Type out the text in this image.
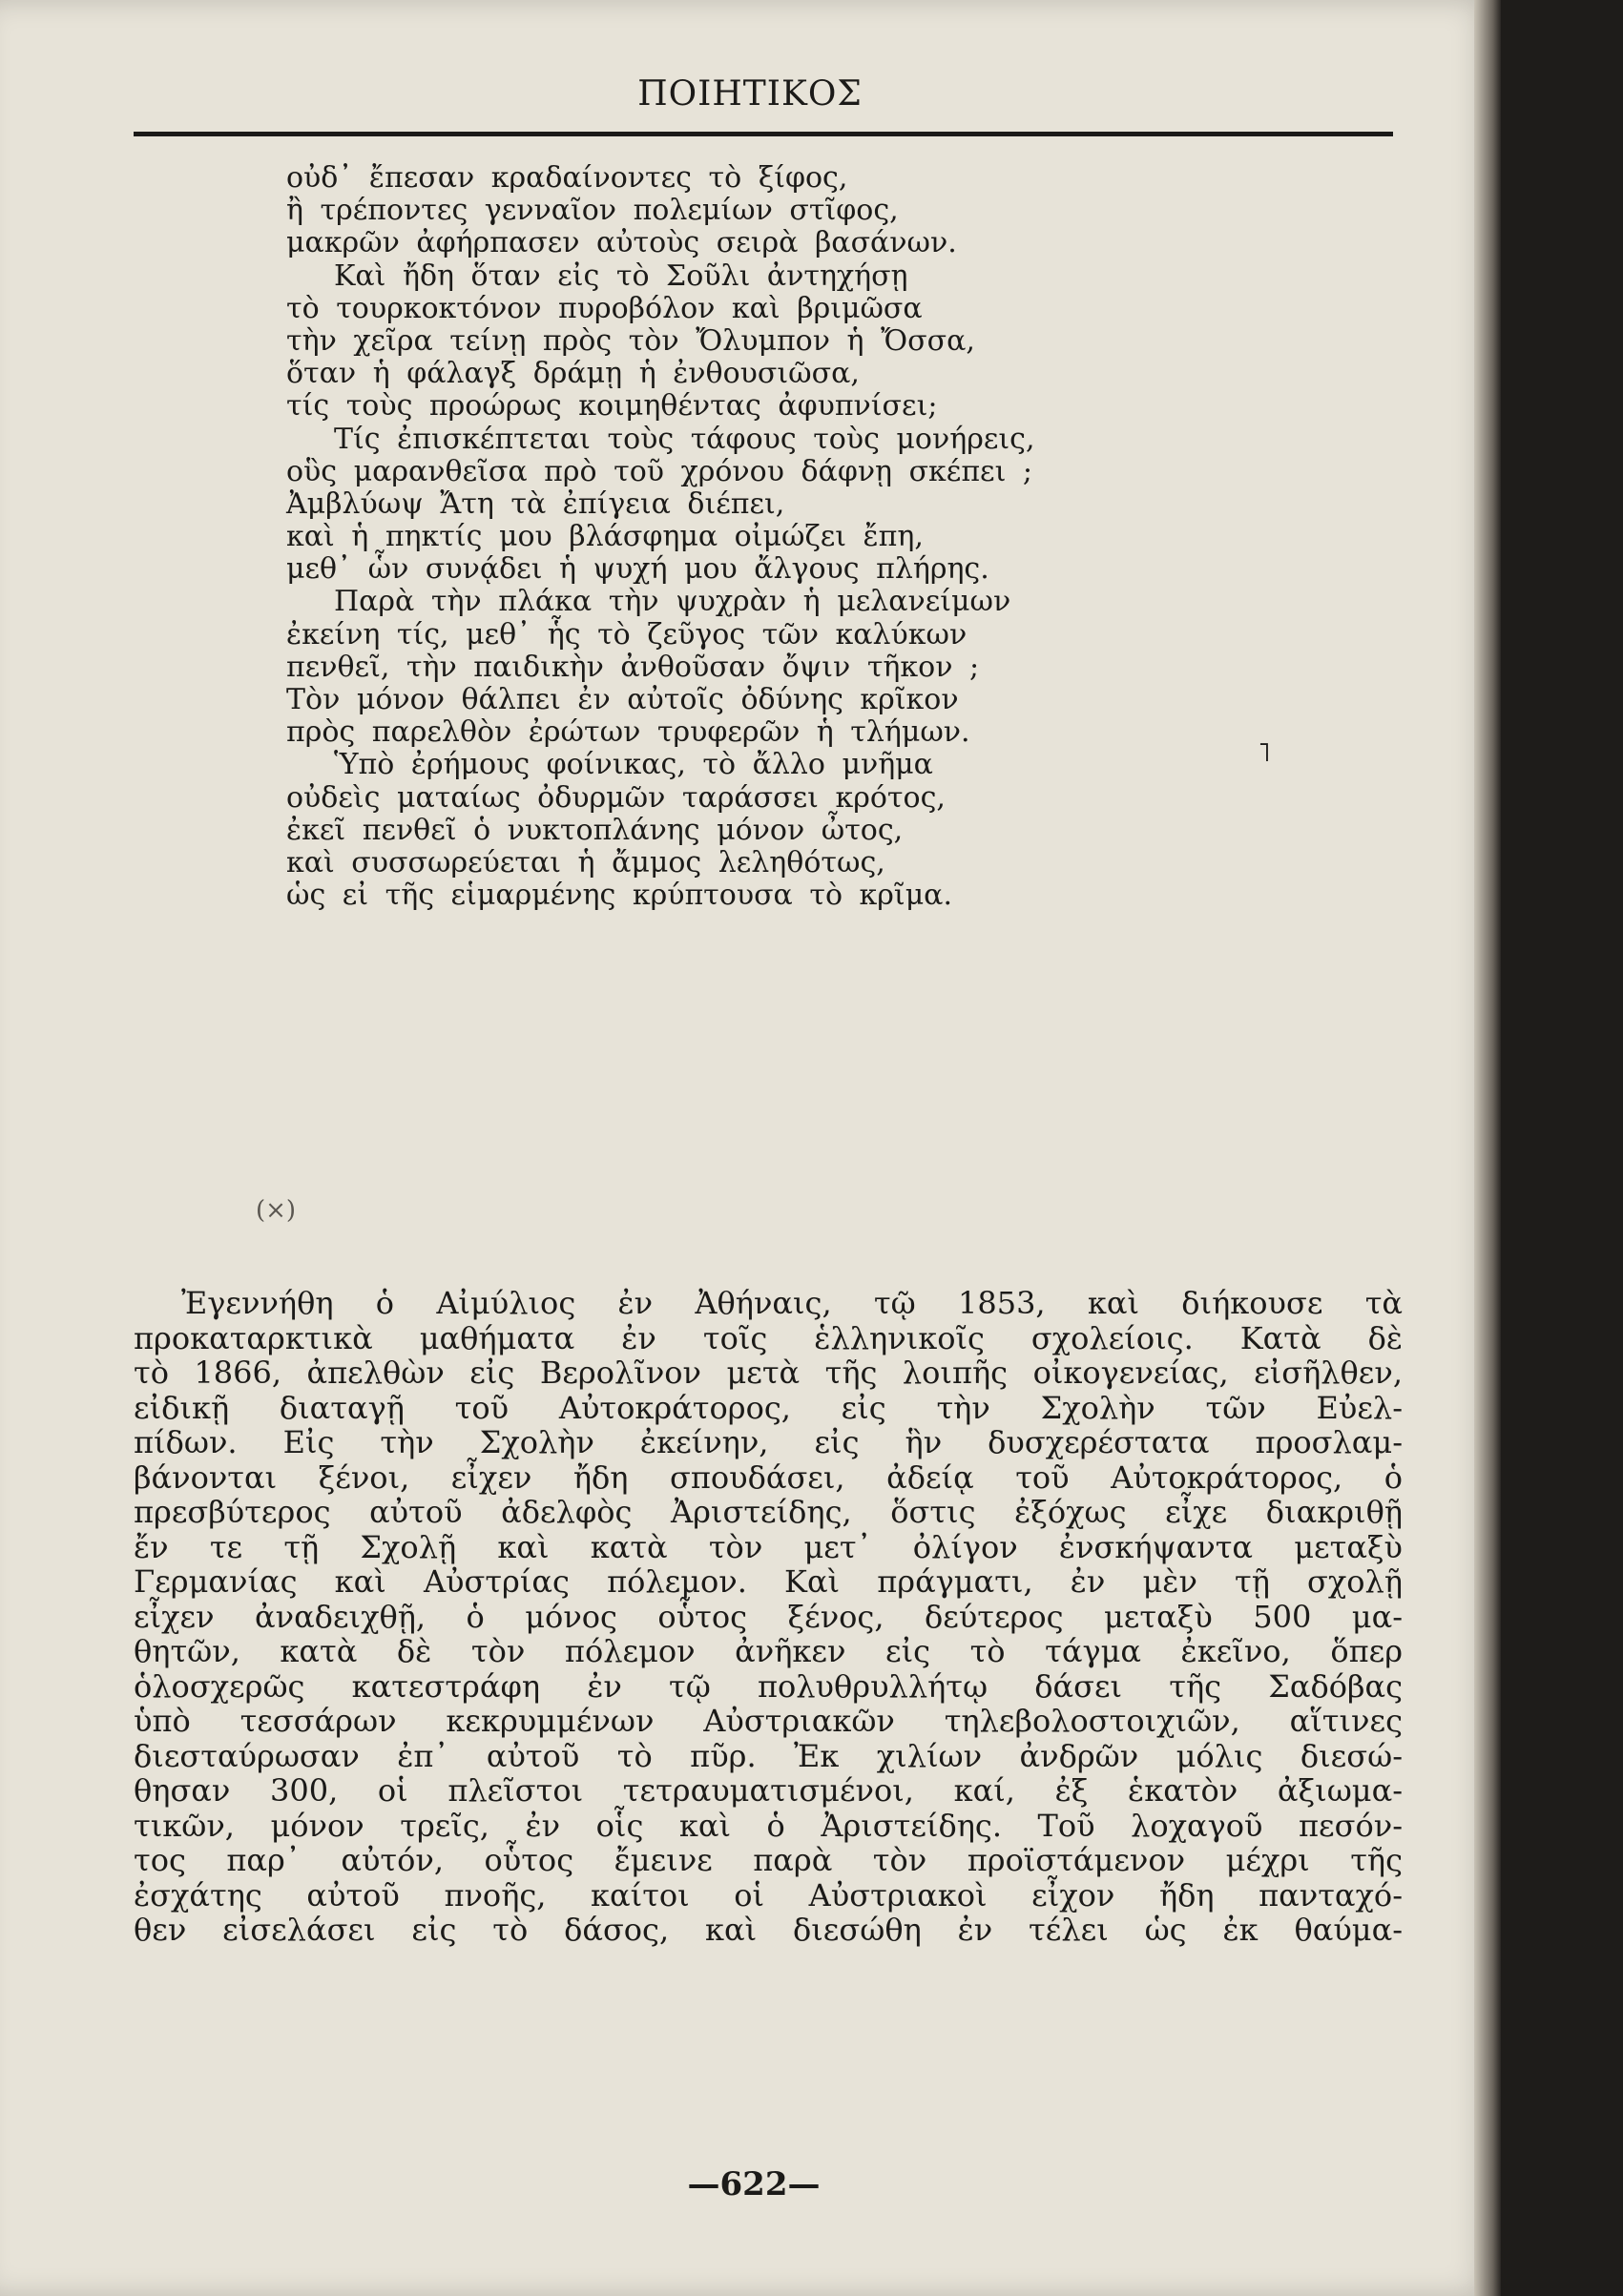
ΠΟΙΗΤΙΚΟΣ
οὐδ᾿ ἔπεσαν κραδαίνοντες τὸ ξίφος,
ἢ τρέποντες γενναῖον πολεμίων στῖφος,
μακρῶν ἀφήρπασεν αὐτοὺς σειρὰ βασάνων.
Καὶ ἤδη ὅταν εἰς τὸ Σοῦλι ἀντηχήσῃ
τὸ τουρκοκτόνον πυροβόλον καὶ βριμῶσα
τὴν χεῖρα τείνῃ πρὸς τὸν Ὄλυμπον ἡ Ὄσσα,
ὅταν ἡ φάλαγξ δράμῃ ἡ ἐνθουσιῶσα,
τίς τοὺς προώρως κοιμηθέντας ἀφυπνίσει;
Τίς ἐπισκέπτεται τοὺς τάφους τοὺς μονήρεις,
οὓς μαρανθεῖσα πρὸ τοῦ χρόνου δάφνῃ σκέπει ;
Ἀμβλύωψ Ἄτη τὰ ἐπίγεια διέπει,
καὶ ἡ πηκτίς μου βλάσφημα οἰμώζει ἔπη,
μεθ᾿ ὧν συνᾴδει ἡ ψυχή μου ἄλγους πλήρης.
Παρὰ τὴν πλάκα τὴν ψυχρὰν ἡ μελανείμων
ἐκείνη τίς, μεθ᾿ ἧς τὸ ζεῦγος τῶν καλύκων
πενθεῖ, τὴν παιδικὴν ἀνθοῦσαν ὄψιν τῆκον ;
Τὸν μόνον θάλπει ἐν αὐτοῖς ὀδύνης κρῖκον
πρὸς παρελθὸν ἐρώτων τρυφερῶν ἡ τλήμων.
Ὑπὸ ἐρήμους φοίνικας, τὸ ἄλλο μνῆμα
οὐδεὶς ματαίως ὀδυρμῶν ταράσσει κρότος,
ἐκεῖ πενθεῖ ὁ νυκτοπλάνης μόνον ὦτος,
καὶ συσσωρεύεται ἡ ἄμμος λεληθότως,
ὡς εἰ τῆς εἱμαρμένης κρύπτουσα τὸ κρῖμα.
(×)
˥
Ἐγεννήθη ὁ Αἰμύλιος ἐν Ἀθήναις, τῷ 1853, καὶ διήκουσε τὰ
προκαταρκτικὰ μαθήματα ἐν τοῖς ἑλληνικοῖς σχολείοις. Κατὰ δὲ
τὸ 1866, ἀπελθὼν εἰς Βερολῖνον μετὰ τῆς λοιπῆς οἰκογενείας, εἰσῆλθεν,
εἰδικῇ διαταγῇ τοῦ Αὐτοκράτορος, εἰς τὴν Σχολὴν τῶν Εὐελ-
πίδων. Εἰς τὴν Σχολὴν ἐκείνην, εἰς ἣν δυσχερέστατα προσλαμ-
βάνονται ξένοι, εἶχεν ἤδη σπουδάσει, ἀδείᾳ τοῦ Αὐτοκράτορος, ὁ
πρεσβύτερος αὐτοῦ ἀδελφὸς Ἀριστείδης, ὅστις ἐξόχως εἶχε διακριθῇ
ἔν τε τῇ Σχολῇ καὶ κατὰ τὸν μετ᾿ ὀλίγον ἐνσκήψαντα μεταξὺ
Γερμανίας καὶ Αὐστρίας πόλεμον. Καὶ πράγματι, ἐν μὲν τῇ σχολῇ
εἶχεν ἀναδειχθῇ, ὁ μόνος οὗτος ξένος, δεύτερος μεταξὺ 500 μα-
θητῶν, κατὰ δὲ τὸν πόλεμον ἀνῆκεν εἰς τὸ τάγμα ἐκεῖνο, ὅπερ
ὁλοσχερῶς κατεστράφη ἐν τῷ πολυθρυλλήτῳ δάσει τῆς Σαδόβας
ὑπὸ τεσσάρων κεκρυμμένων Αὐστριακῶν τηλεβολοστοιχιῶν, αἵτινες
διεσταύρωσαν ἐπ᾿ αὐτοῦ τὸ πῦρ. Ἐκ χιλίων ἀνδρῶν μόλις διεσώ-
θησαν 300, οἱ πλεῖστοι τετραυματισμένοι, καί, ἐξ ἑκατὸν ἀξιωμα-
τικῶν, μόνον τρεῖς, ἐν οἷς καὶ ὁ Ἀριστείδης. Τοῦ λοχαγοῦ πεσόν-
τος παρ᾿ αὐτόν, οὗτος ἔμεινε παρὰ τὸν προϊστάμενον μέχρι τῆς
ἐσχάτης αὐτοῦ πνοῆς, καίτοι οἱ Αὐστριακοὶ εἶχον ἤδη πανταχό-
θεν εἰσελάσει εἰς τὸ δάσος, καὶ διεσώθη ἐν τέλει ὡς ἐκ θαύμα-
—622—
